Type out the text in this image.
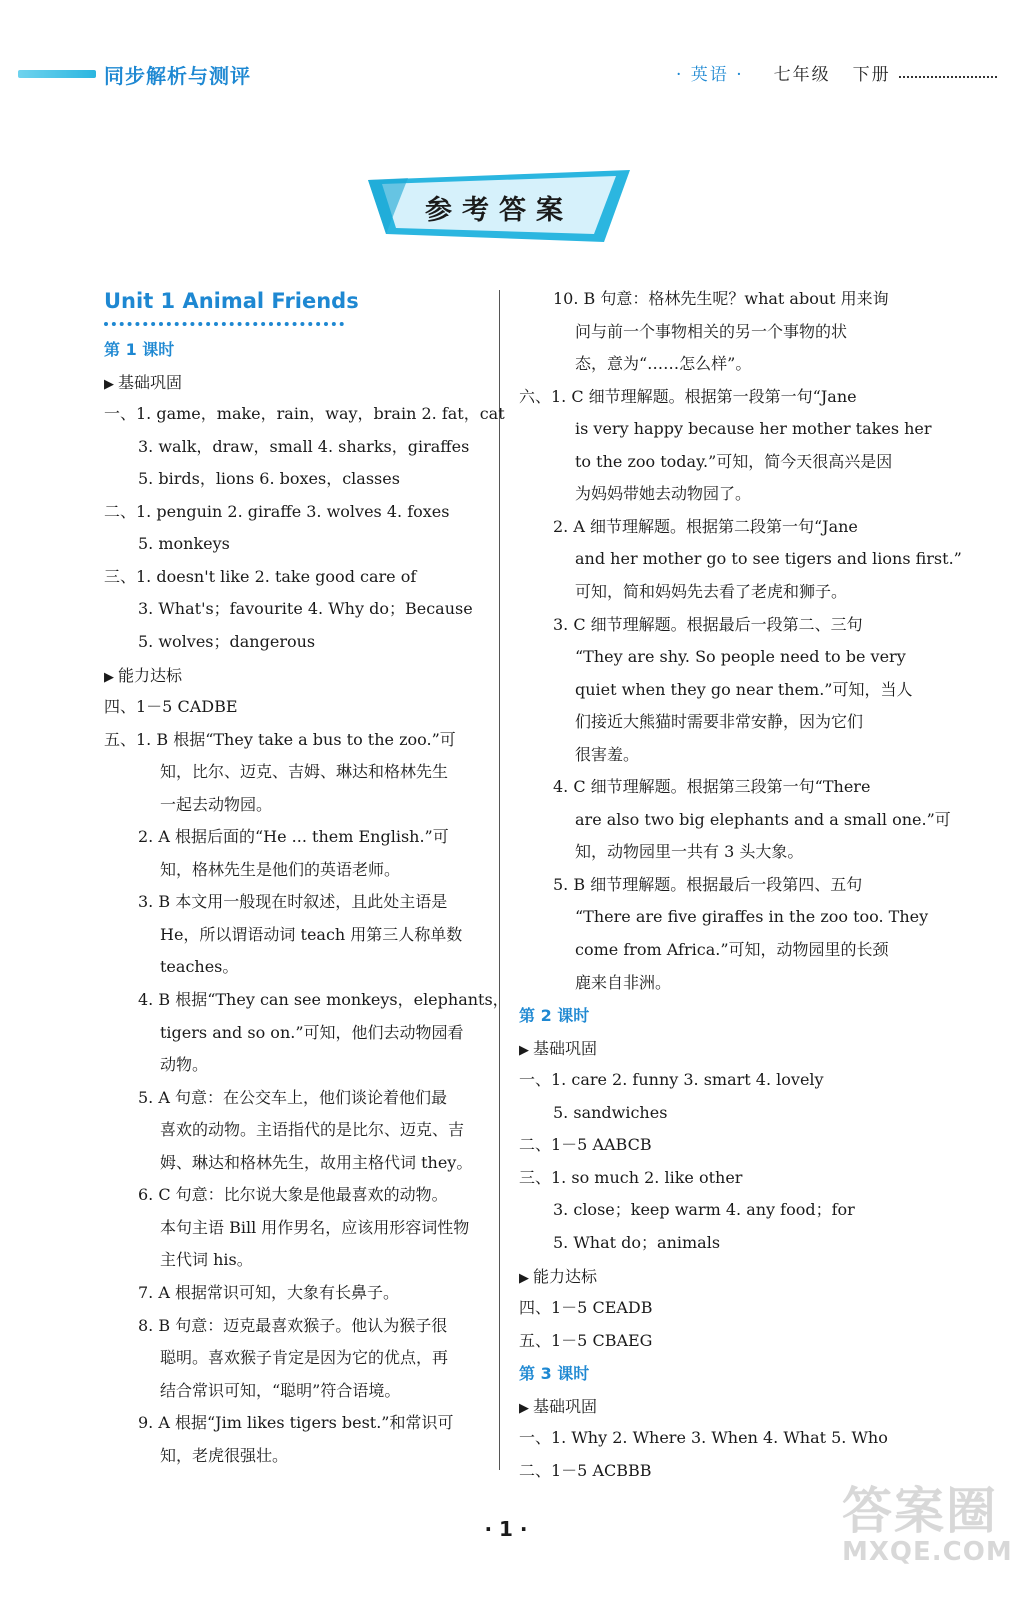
同步解析与测评	· 英语 · 七年级 下册
参考答案
Unit 1 Animal Friends
第 1 课时
▶ 基础巩固
一、1. game，make，rain，way，brain 2. fat，cat
3. walk，draw，small 4. sharks，giraffes
5. birds，lions 6. boxes，classes
二、1. penguin 2. giraffe 3. wolves 4. foxes
5. monkeys
三、1. doesn't like 2. take good care of
3. What's；favourite 4. Why do；Because
5. wolves；dangerous
▶ 能力达标
四、1－5 CADBE
五、1. B 根据“They take a bus to the zoo.”可
知，比尔、迈克、吉姆、琳达和格林先生
一起去动物园。
2. A 根据后面的“He ... them English.”可
知，格林先生是他们的英语老师。
3. B 本文用一般现在时叙述，且此处主语是
He，所以谓语动词 teach 用第三人称单数
teaches。
4. B 根据“They can see monkeys，elephants，
tigers and so on.”可知，他们去动物园看
动物。
5. A 句意：在公交车上，他们谈论着他们最
喜欢的动物。主语指代的是比尔、迈克、吉
姆、琳达和格林先生，故用主格代词 they。
6. C 句意：比尔说大象是他最喜欢的动物。
本句主语 Bill 用作男名，应该用形容词性物
主代词 his。
7. A 根据常识可知，大象有长鼻子。
8. B 句意：迈克最喜欢猴子。他认为猴子很
聪明。喜欢猴子肯定是因为它的优点，再
结合常识可知，“聪明”符合语境。
9. A 根据“Jim likes tigers best.”和常识可
知，老虎很强壮。
10. B 句意：格林先生呢？what about 用来询
问与前一个事物相关的另一个事物的状
态，意为“……怎么样”。
六、1. C 细节理解题。根据第一段第一句“Jane
is very happy because her mother takes her
to the zoo today.”可知，简今天很高兴是因
为妈妈带她去动物园了。
2. A 细节理解题。根据第二段第一句“Jane
and her mother go to see tigers and lions first.”
可知，简和妈妈先去看了老虎和狮子。
3. C 细节理解题。根据最后一段第二、三句
“They are shy. So people need to be very
quiet when they go near them.”可知，当人
们接近大熊猫时需要非常安静，因为它们
很害羞。
4. C 细节理解题。根据第三段第一句“There
are also two big elephants and a small one.”可
知，动物园里一共有 3 头大象。
5. B 细节理解题。根据最后一段第四、五句
“There are five giraffes in the zoo too. They
come from Africa.”可知，动物园里的长颈
鹿来自非洲。
第 2 课时
▶ 基础巩固
一、1. care 2. funny 3. smart 4. lovely
5. sandwiches
二、1－5 AABCB
三、1. so much 2. like other
3. close；keep warm 4. any food；for
5. What do；animals
▶ 能力达标
四、1－5 CEADB
五、1－5 CBAEG
第 3 课时
▶ 基础巩固
一、1. Why 2. Where 3. When 4. What 5. Who
二、1－5 ACBBB
· 1 ·	答案圈
MXQE.COM
